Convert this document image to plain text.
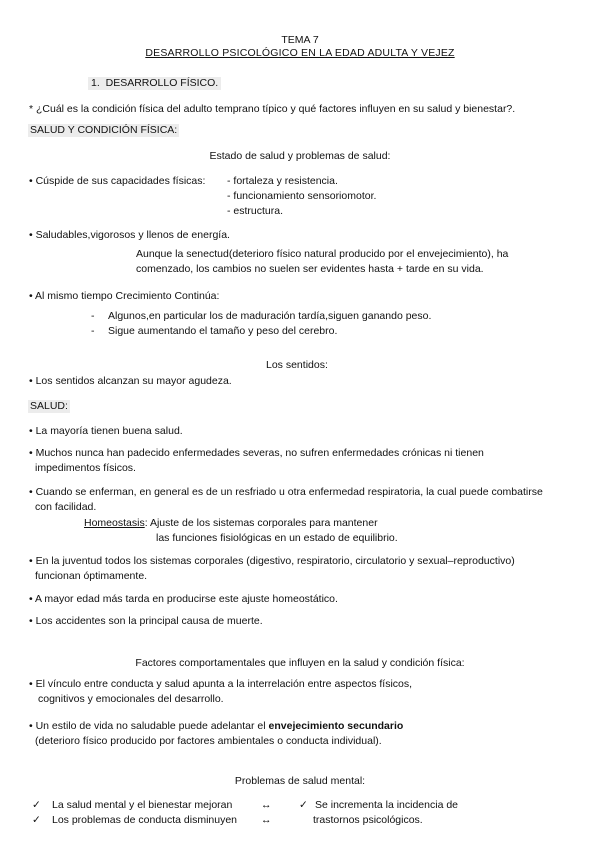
TEMA 7
DESARROLLO PSICOLÓGICO EN LA EDAD ADULTA Y VEJEZ
1. DESARROLLO FÍSICO.
* ¿Cuál es la condición física del adulto temprano típico y qué factores influyen en su salud y bienestar?.
SALUD Y CONDICIÓN FÍSICA:
Estado de salud y problemas de salud:
• Cúspide de sus capacidades físicas: - fortaleza y resistencia.
- funcionamiento sensoriomotor.
- estructura.
• Saludables,vigorosos y llenos de energía.
Aunque la senectud(deterioro físico natural producido por el envejecimiento), ha
comenzado, los cambios no suelen ser evidentes hasta + tarde en su vida.
• Al mismo tiempo Crecimiento Continúa:
- Algunos,en particular los de maduración tardía,siguen ganando peso.
- Sigue aumentando el tamaño y peso del cerebro.
Los sentidos:
• Los sentidos alcanzan su mayor agudeza.
SALUD:
• La mayoría tienen buena salud.
• Muchos nunca han padecido enfermedades severas, no sufren enfermedades crónicas ni tienen
impedimentos físicos.
• Cuando se enferman, en general es de un resfriado u otra enfermedad respiratoria, la cual puede combatirse
con facilidad.
Homeostasis: Ajuste de los sistemas corporales para mantener
las funciones fisiológicas en un estado de equilibrio.
• En la juventud todos los sistemas corporales (digestivo, respiratorio, circulatorio y sexual–reproductivo)
funcionan óptimamente.
• A mayor edad más tarda en producirse este ajuste homeostático.
• Los accidentes son la principal causa de muerte.
Factores comportamentales que influyen en la salud y condición física:
• El vínculo entre conducta y salud apunta a la interrelación entre aspectos físicos,
cognitivos y emocionales del desarrollo.
• Un estilo de vida no saludable puede adelantar el envejecimiento secundario
(deterioro físico producido por factores ambientales o conducta individual).
Problemas de salud mental:
✓ La salud mental y el bienestar mejoran	↔	✓ Se incrementa la incidencia de
✓ Los problemas de conducta disminuyen ↔	trastornos psicológicos.
